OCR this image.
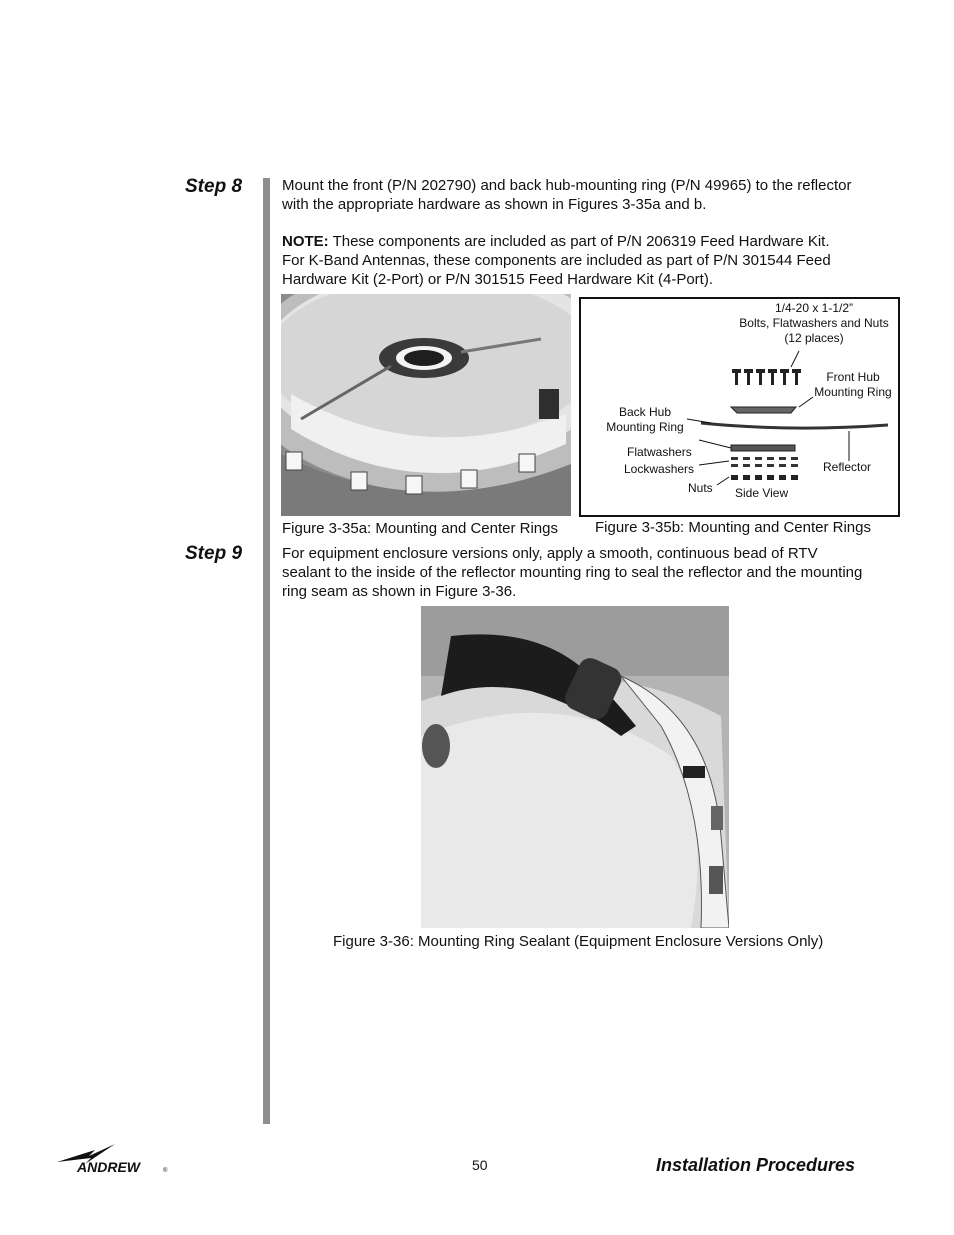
Step 8	Mount the front (P/N 202790) and back hub-mounting ring (P/N 49965) to the reflector
with the appropriate hardware as shown in Figures 3-35a and b.
NOTE: These components are included as part of P/N 206319 Feed Hardware Kit.
For K-Band Antennas, these components are included as part of P/N 301544 Feed
Hardware Kit (2-Port) or P/N 301515 Feed Hardware Kit (4-Port).
1/4-20 x 1-1/2”
Bolts, Flatwashers and Nuts
(12 places)
Front Hub
Mounting Ring
Back Hub
Mounting Ring
Flatwashers
Lockwashers
Nuts Side View
Reflector
Figure 3-35a: Mounting and Center Rings Figure 3-35b: Mounting and Center Rings
Step 9	For equipment enclosure versions only, apply a smooth, continuous bead of RTV
sealant to the inside of the reflector mounting ring to seal the reflector and the mounting
ring seam as shown in Figure 3-36.
Figure 3-36: Mounting Ring Sealant (Equipment Enclosure Versions Only)
ANDREW	®	50	Installation Procedures
